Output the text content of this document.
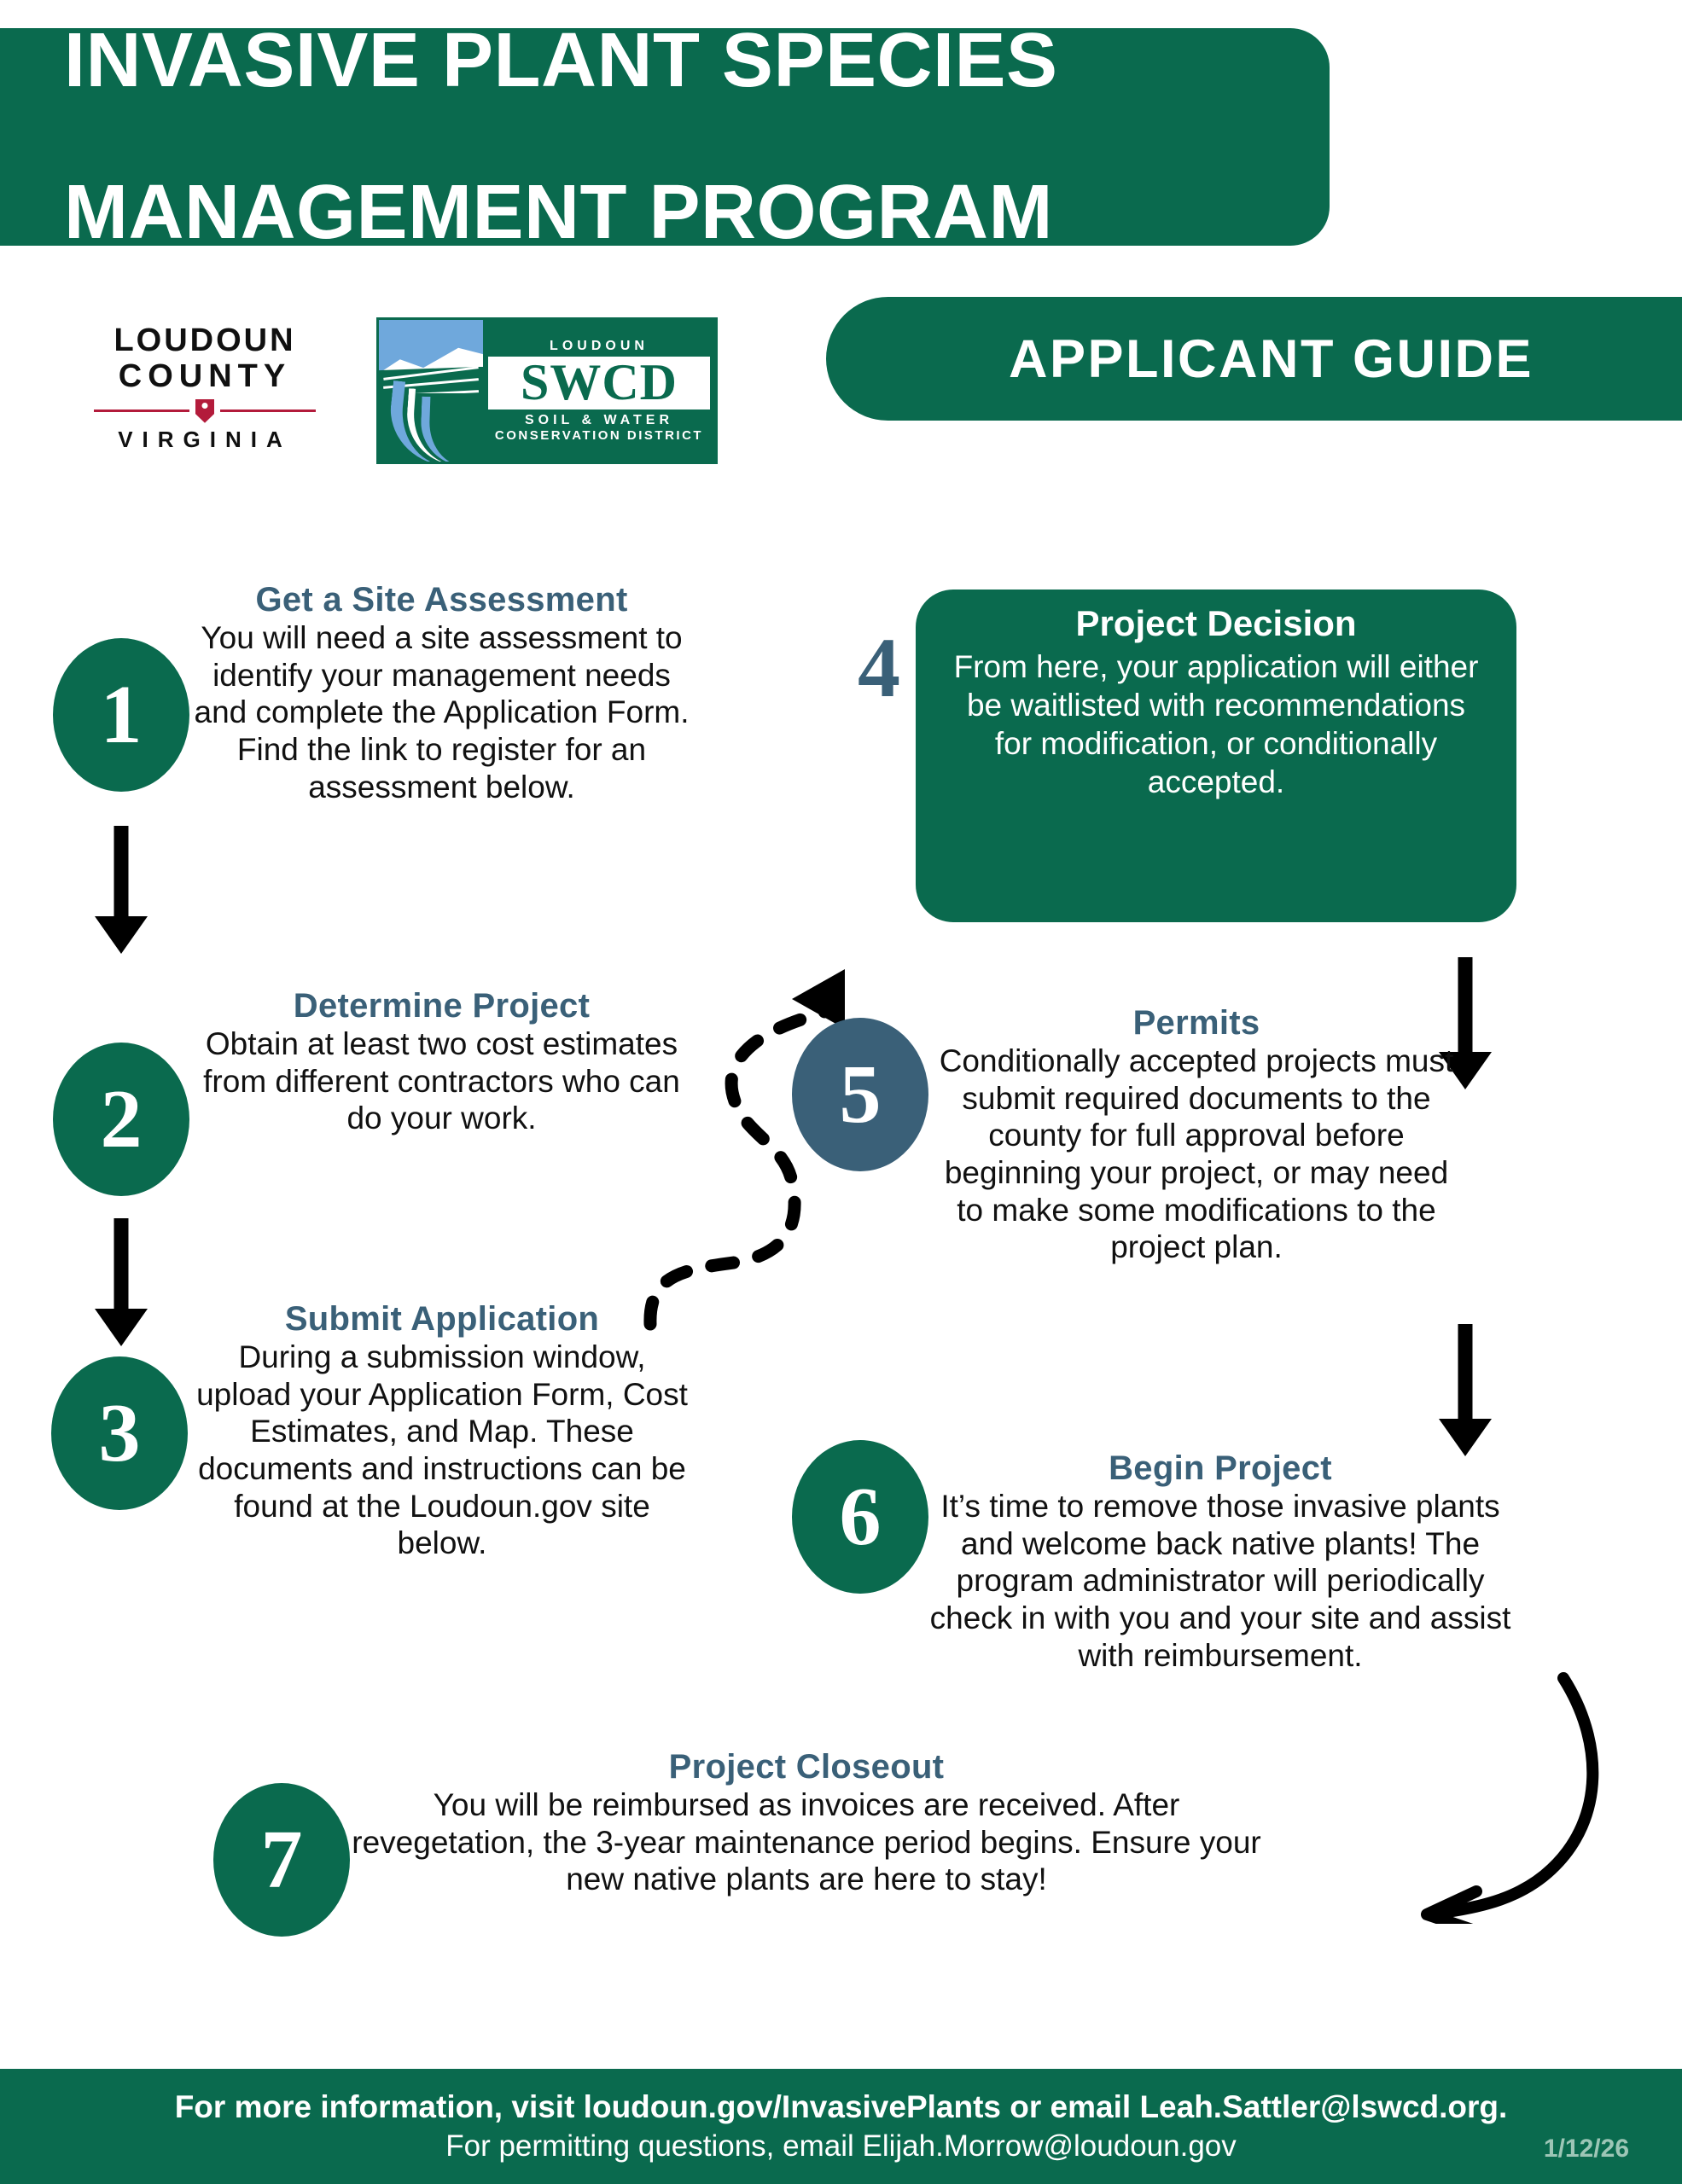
INVASIVE PLANT SPECIES

MANAGEMENT PROGRAM

APPLICANT GUIDE
LOUDOUN
COUNTY
VIRGINIA
LOUDOUN
SWCD
SOIL & WATER
CONSERVATION DISTRICT
1
Get a Site Assessment

You will need a site assessment to identify your management needs and complete the Application Form. Find the link to register for an assessment below.

2
Determine Project

Obtain at least two cost estimates from different contractors who can do your work.

3
Submit Application

During a submission window, upload your Application Form, Cost Estimates, and Map. These documents and instructions can be found at the Loudoun.gov site below.

4	Project Decision

From here, your application will either be waitlisted with recommendations for modification, or conditionally accepted.

5
Permits

Conditionally accepted projects must submit required documents to the county for full approval before beginning your project, or may need to make some modifications to the project plan.

6
Begin Project

It’s time to remove those invasive plants and welcome back native plants! The program administrator will periodically check in with you and your site and assist with reimbursement.

7
Project Closeout

You will be reimbursed as invoices are received. After revegetation, the 3-year maintenance period begins. Ensure your new native plants are here to stay!

For more information, visit loudoun.gov/InvasivePlants or email Leah.Sattler@lswcd.org.
For permitting questions, email Elijah.Morrow@loudoun.gov	1/12/26
